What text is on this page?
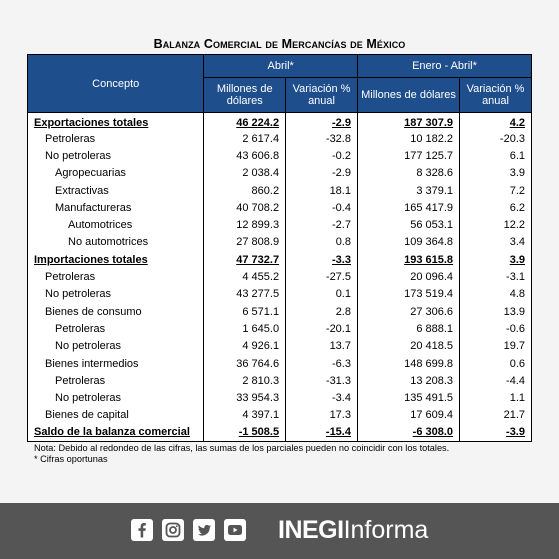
Balanza Comercial de Mercancías de México
Concepto	Abril*		Enero - Abril*	
	Millones de dólares	Variación % anual	Millones de dólares	Variación % anual
Exportaciones totales	46 224.2	-2.9	187 307.9	4.2
Petroleras	2 617.4	-32.8	10 182.2	-20.3
No petroleras	43 606.8	-0.2	177 125.7	6.1
Agropecuarias	2 038.4	-2.9	8 328.6	3.9
Extractivas	860.2	18.1	3 379.1	7.2
Manufactureras	40 708.2	-0.4	165 417.9	6.2
Automotrices	12 899.3	-2.7	56 053.1	12.2
No automotrices	27 808.9	0.8	109 364.8	3.4
Importaciones totales	47 732.7	-3.3	193 615.8	3.9
Petroleras	4 455.2	-27.5	20 096.4	-3.1
No petroleras	43 277.5	0.1	173 519.4	4.8
Bienes de consumo	6 571.1	2.8	27 306.6	13.9
Petroleras	1 645.0	-20.1	6 888.1	-0.6
No petroleras	4 926.1	13.7	20 418.5	19.7
Bienes intermedios	36 764.6	-6.3	148 699.8	0.6
Petroleras	2 810.3	-31.3	13 208.3	-4.4
No petroleras	33 954.3	-3.4	135 491.5	1.1
Bienes de capital	4 397.1	17.3	17 609.4	21.7
Saldo de la balanza comercial	-1 508.5	-15.4	-6 308.0	-3.9
Nota: Debido al redondeo de las cifras, las sumas de los parciales pueden no coincidir con los totales.
* Cifras oportunas
INEGIInforma
